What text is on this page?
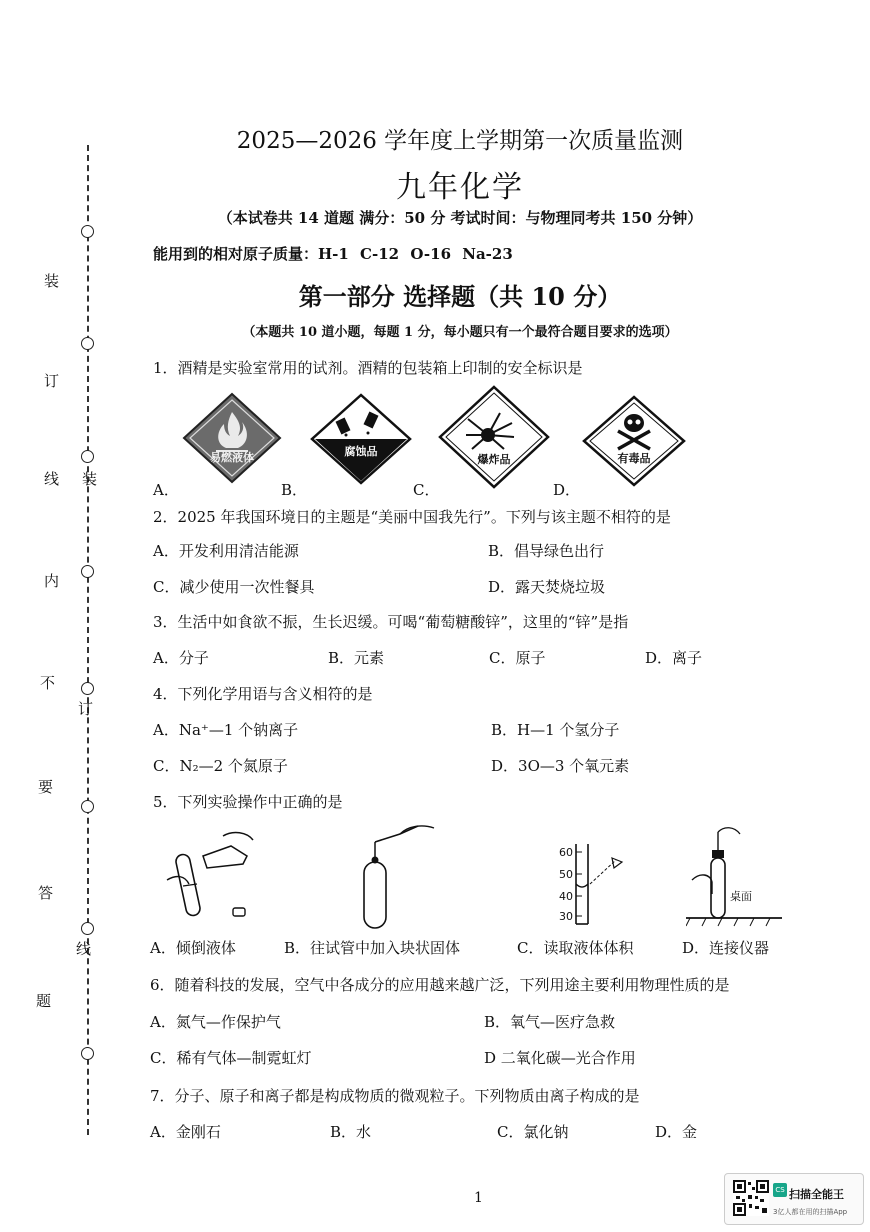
装
订
线
内
不
要
答
题
装
订
线
2025—2026 学年度上学期第一次质量监测
九年化学
（本试卷共 14 道题 满分：50 分 考试时间：与物理同考共 150 分钟）
能用到的相对原子质量：H-1 C-12 O-16 Na-23
第一部分 选择题（共 10 分）
（本题共 10 道小题，每题 1 分，每小题只有一个最符合题目要求的选项）
1．酒精是实验室常用的试剂。酒精的包装箱上印制的安全标识是
易燃液体	腐蚀品
爆炸品	有毒品
A．	B．	C．	D．
2．2025 年我国环境日的主题是“美丽中国我先行”。下列与该主题不相符的是
A．开发利用清洁能源	B．倡导绿色出行
C．减少使用一次性餐具	D．露天焚烧垃圾
3．生活中如食欲不振，生长迟缓。可喝“葡萄糖酸锌”，这里的“锌”是指
A．分子	B．元素	C．原子	D．离子
4．下列化学用语与含义相符的是
A．Na⁺—1 个钠离子	B．H—1 个氢分子
C．N₂—2 个氮原子	D．3O—3 个氧元素
5．下列实验操作中正确的是
60
50
40
30
桌面
A．倾倒液体	B．往试管中加入块状固体	C．读取液体体积	D．连接仪器
6．随着科技的发展，空气中各成分的应用越来越广泛，下列用途主要利用物理性质的是
A．氮气—作保护气	B．氧气—医疗急救
C．稀有气体—制霓虹灯	D 二氧化碳—光合作用
7．分子、原子和离子都是构成物质的微观粒子。下列物质由离子构成的是
A．金刚石	B．水	C．氯化钠	D．金
1	CS 扫描全能王
3亿人都在用的扫描App
